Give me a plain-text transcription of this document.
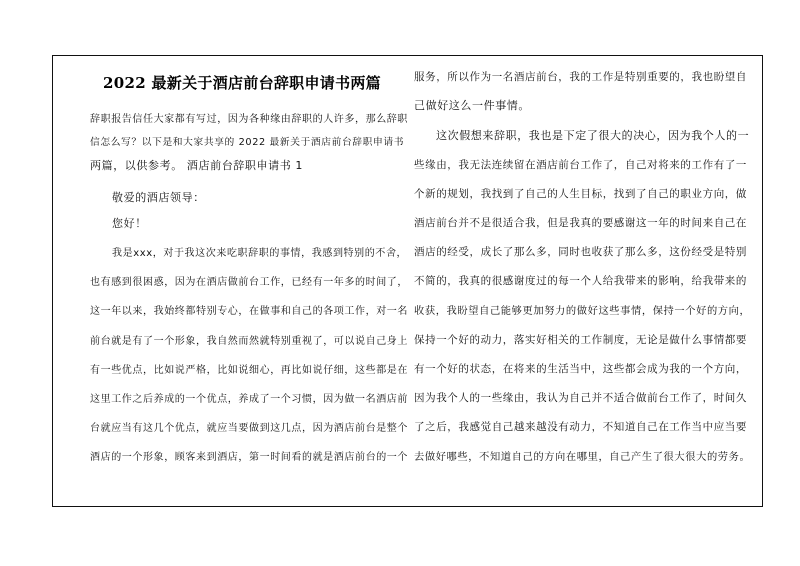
2022 最新关于酒店前台辞职申请书两篇
辞职报告信任大家都有写过，因为各种缘由辞职的人许多，那么辞职
信怎么写？以下是和大家共享的 2022 最新关于酒店前台辞职申请书
两篇，以供参考。 酒店前台辞职申请书 1
敬爱的酒店领导：
您好！
我是xxx，对于我这次来吃职辞职的事情，我感到特别的不舍，
也有感到很困惑，因为在酒店做前台工作，已经有一年多的时间了，
这一年以来，我始终都特别专心，在做事和自己的各项工作，对一名
前台就是有了一个形象，我自然而然就特别重视了，可以说自己身上
有一些优点，比如说严格，比如说细心，再比如说仔细，这些都是在
这里工作之后养成的一个优点，养成了一个习惯，因为做一名酒店前
台就应当有这几个优点，就应当要做到这几点，因为酒店前台是整个
酒店的一个形象，顾客来到酒店，第一时间看的就是酒店前台的一个
服务，所以作为一名酒店前台，我的工作是特别重要的，我也盼望自
己做好这么一件事情。
这次假想来辞职，我也是下定了很大的决心，因为我个人的一
些缘由，我无法连续留在酒店前台工作了，自己对将来的工作有了一
个新的规划，我找到了自己的人生目标，找到了自己的职业方向，做
酒店前台并不是很适合我，但是我真的要感谢这一年的时间来自己在
酒店的经受，成长了那么多，同时也收获了那么多，这份经受是特别
不简的，我真的很感谢度过的每一个人给我带来的影响，给我带来的
收获，我盼望自己能够更加努力的做好这些事情，保持一个好的方向，
保持一个好的动力，落实好相关的工作制度，无论是做什么事情都要
有一个好的状态，在将来的生活当中，这些都会成为我的一个方向，
因为我个人的一些缘由，我认为自己并不适合做前台工作了，时间久
了之后，我感觉自己越来越没有动力，不知道自己在工作当中应当要
去做好哪些，不知道自己的方向在哪里，自己产生了很大很大的劳务。
